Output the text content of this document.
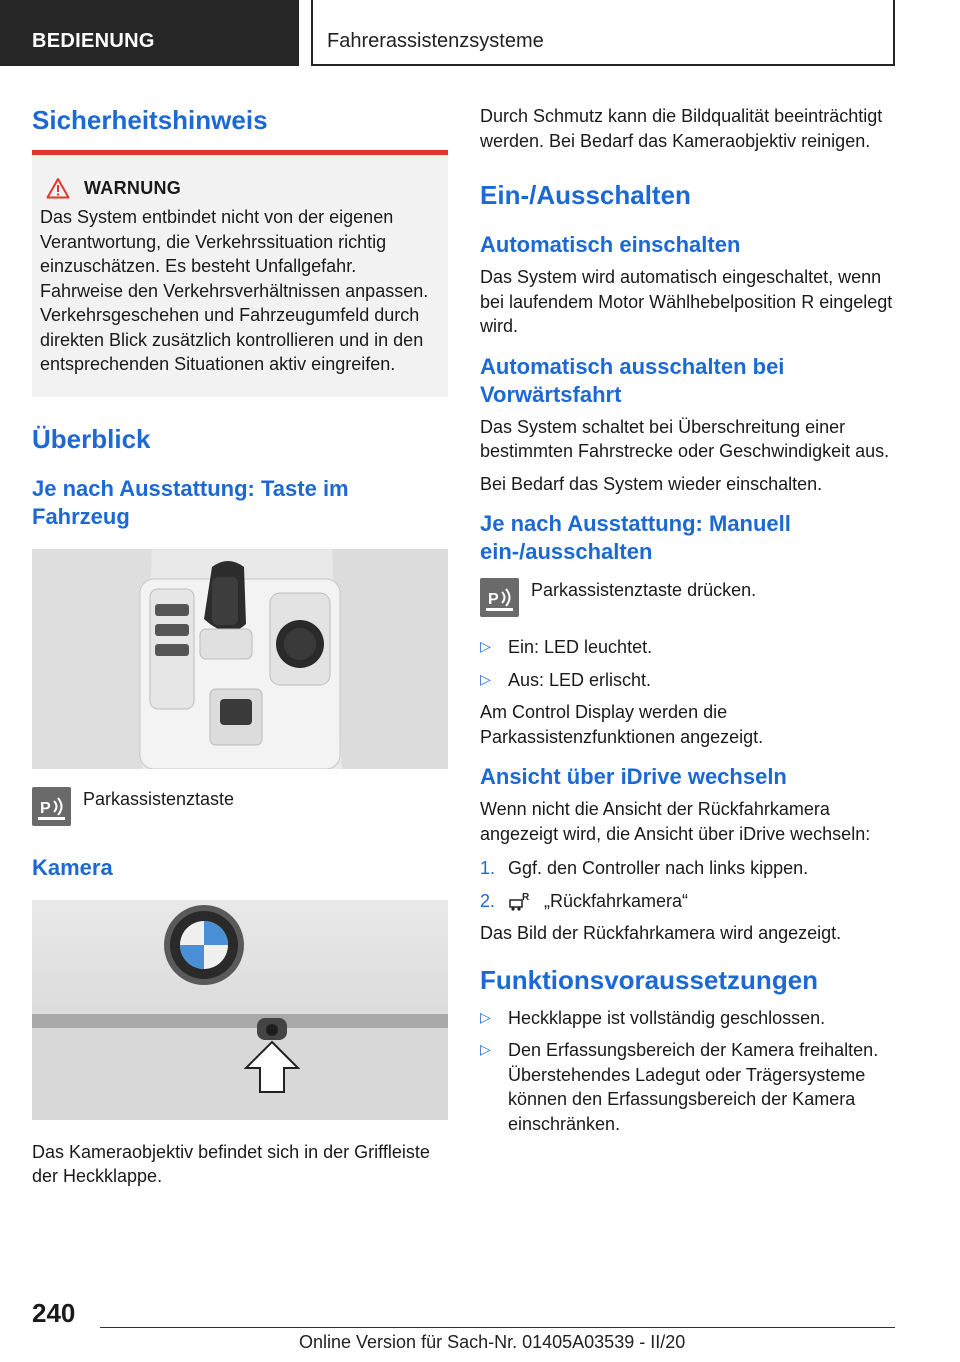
BEDIENUNG	Fahrerassistenzsysteme
Sicherheitshinweis
WARNUNG

Das System entbindet nicht von der eigenen Verantwortung, die Verkehrssituation richtig einzuschätzen. Es besteht Unfallgefahr. Fahrweise den Verkehrsverhältnissen anpassen. Verkehrsgeschehen und Fahrzeugumfeld durch direkten Blick zusätzlich kontrollieren und in den entsprechenden Situationen aktiv eingreifen.

Überblick
Je nach Ausstattung: Taste im Fahrzeug
P Parkassistenztaste
Kamera

Das Kameraobjektiv befindet sich in der Griffleiste der Heckklappe.

Durch Schmutz kann die Bildqualität beeinträchtigt werden. Bei Bedarf das Kameraobjektiv reinigen.

Ein-/Ausschalten
Automatisch einschalten

Das System wird automatisch eingeschaltet, wenn bei laufendem Motor Wählhebelposition R eingelegt wird.

Automatisch ausschalten bei Vorwärtsfahrt

Das System schaltet bei Überschreitung einer bestimmten Fahrstrecke oder Geschwindigkeit aus.

Bei Bedarf das System wieder einschalten.

Je nach Ausstattung: Manuell ein-/ausschalten
P Parkassistenztaste drücken.
▷ Ein: LED leuchtet.
▷ Aus: LED erlischt.

Am Control Display werden die Parkassistenzfunktionen angezeigt.

Ansicht über iDrive wechseln

Wenn nicht die Ansicht der Rückfahrkamera angezeigt wird, die Ansicht über iDrive wechseln:

1. Ggf. den Controller nach links kippen.
2.	R „Rückfahrkamera“

Das Bild der Rückfahrkamera wird angezeigt.

Funktionsvoraussetzungen
▷ Heckklappe ist vollständig geschlossen.
▷ Den Erfassungsbereich der Kamera freihalten. Überstehendes Ladegut oder Trägersysteme können den Erfassungsbereich der Kamera einschränken.
240
Online Version für Sach-Nr. 01405A03539 - II/20
